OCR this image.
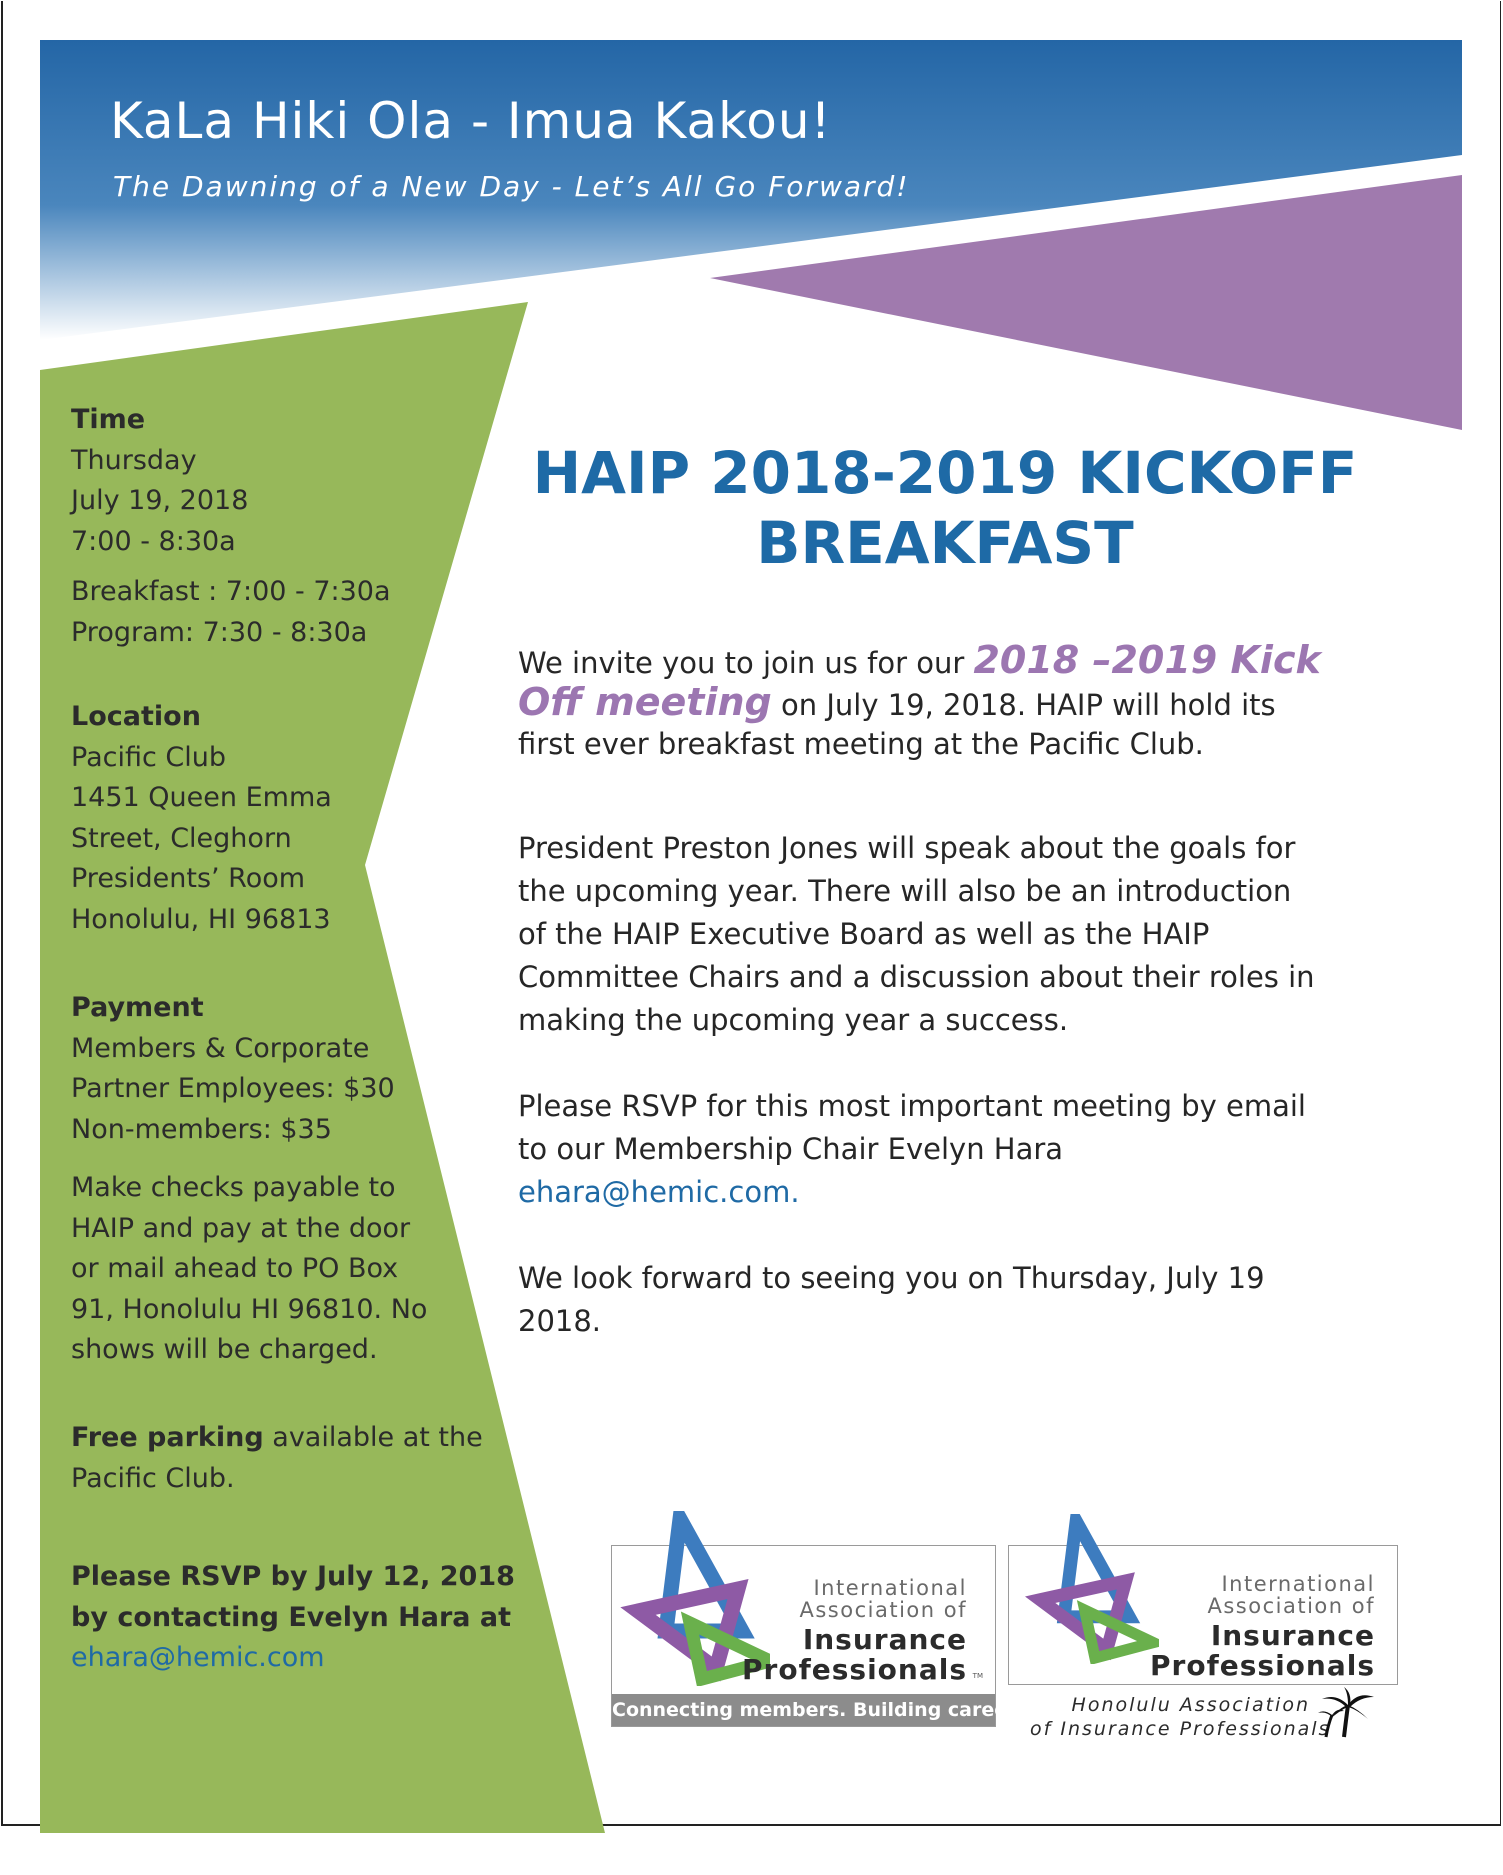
KaLa Hiki Ola - Imua Kakou!
The Dawning of a New Day - Let’s All Go Forward!
Time
Thursday
July 19, 2018
7:00 - 8:30a
Breakfast : 7:00 - 7:30a
Program: 7:30 - 8:30a
Location
Pacific Club
1451 Queen Emma
Street, Cleghorn
Presidents’ Room
Honolulu, HI 96813
Payment
Members & Corporate
Partner Employees: $30
Non-members: $35
Make checks payable to
HAIP and pay at the door
or mail ahead to PO Box
91, Honolulu HI 96810. No
shows will be charged.
Free parking available at the
Pacific Club.
Please RSVP by July 12, 2018
by contacting Evelyn Hara at
ehara@hemic.com
HAIP 2018-2019 KICKOFF
BREAKFAST
We invite you to join us for our 2018 –2019 Kick
Off meeting on July 19, 2018. HAIP will hold its
first ever breakfast meeting at the Pacific Club.
President Preston Jones will speak about the goals for
the upcoming year. There will also be an introduction
of the HAIP Executive Board as well as the HAIP
Committee Chairs and a discussion about their roles in
making the upcoming year a success.
Please RSVP for this most important meeting by email
to our Membership Chair Evelyn Hara
ehara@hemic.com.
We look forward to seeing you on Thursday, July 19
2018.
International
Association of
Insurance
Professionals TM
Connecting members. Building careers.
International
Association of
Insurance
Professionals
Honolulu Association
of Insurance Professionals
